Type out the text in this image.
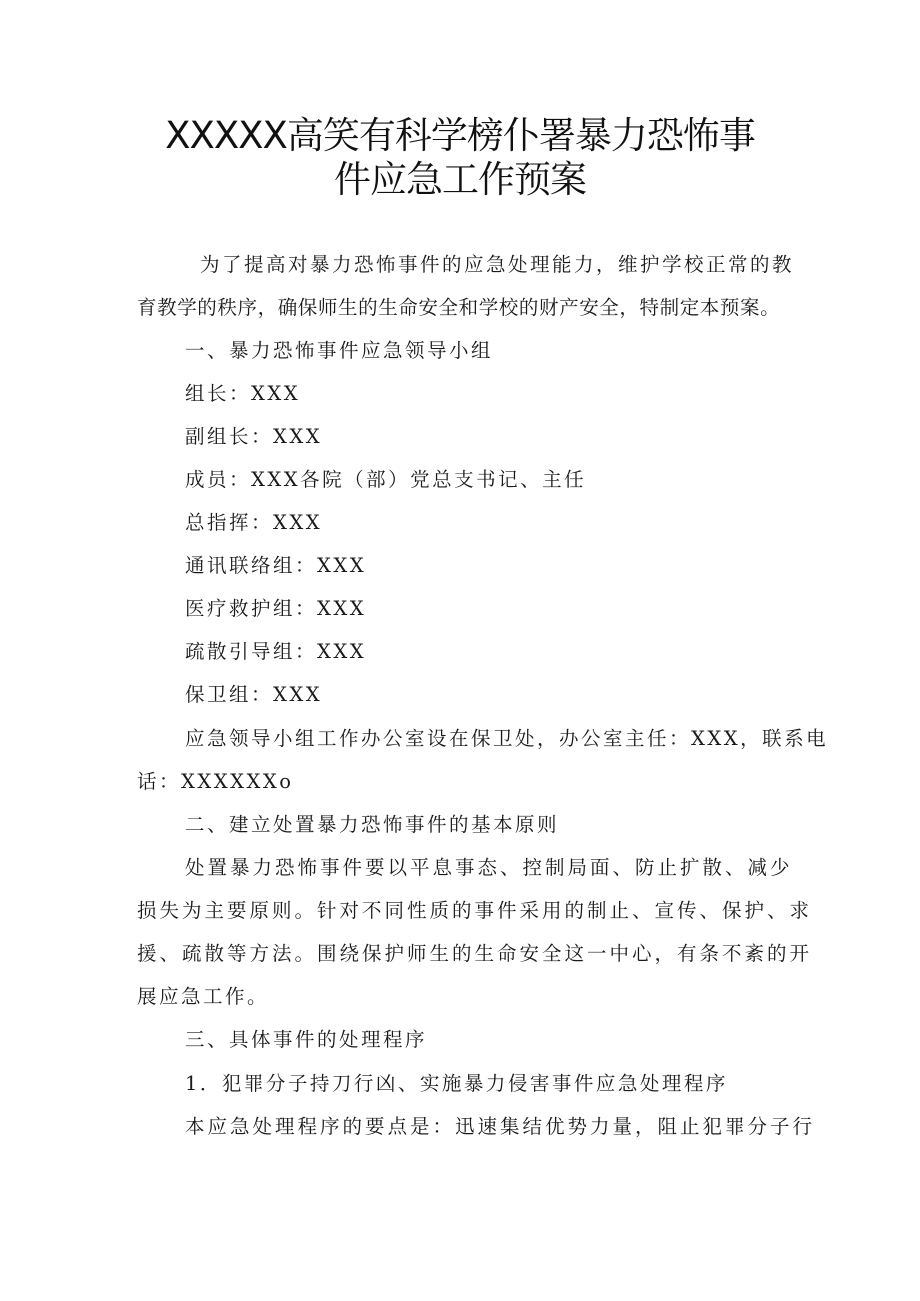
XXXXX高笑有科学榜仆署暴力恐怖事
件应急工作预案
为了提高对暴力恐怖事件的应急处理能力，维护学校正常的教
育教学的秩序，确保师生的生命安全和学校的财产安全，特制定本预案。
一、暴力恐怖事件应急领导小组
组长：XXX
副组长：XXX
成员：XXX各院（部）党总支书记、主任
总指挥：XXX
通讯联络组：XXX
医疗救护组：XXX
疏散引导组：XXX
保卫组：XXX
应急领导小组工作办公室设在保卫处，办公室主任：XXX，联系电
话：XXXXXXo
二、建立处置暴力恐怖事件的基本原则
处置暴力恐怖事件要以平息事态、控制局面、防止扩散、减少
损失为主要原则。针对不同性质的事件采用的制止、宣传、保护、求
援、疏散等方法。围绕保护师生的生命安全这一中心，有条不紊的开
展应急工作。
三、具体事件的处理程序
1．犯罪分子持刀行凶、实施暴力侵害事件应急处理程序
本应急处理程序的要点是：迅速集结优势力量，阻止犯罪分子行
